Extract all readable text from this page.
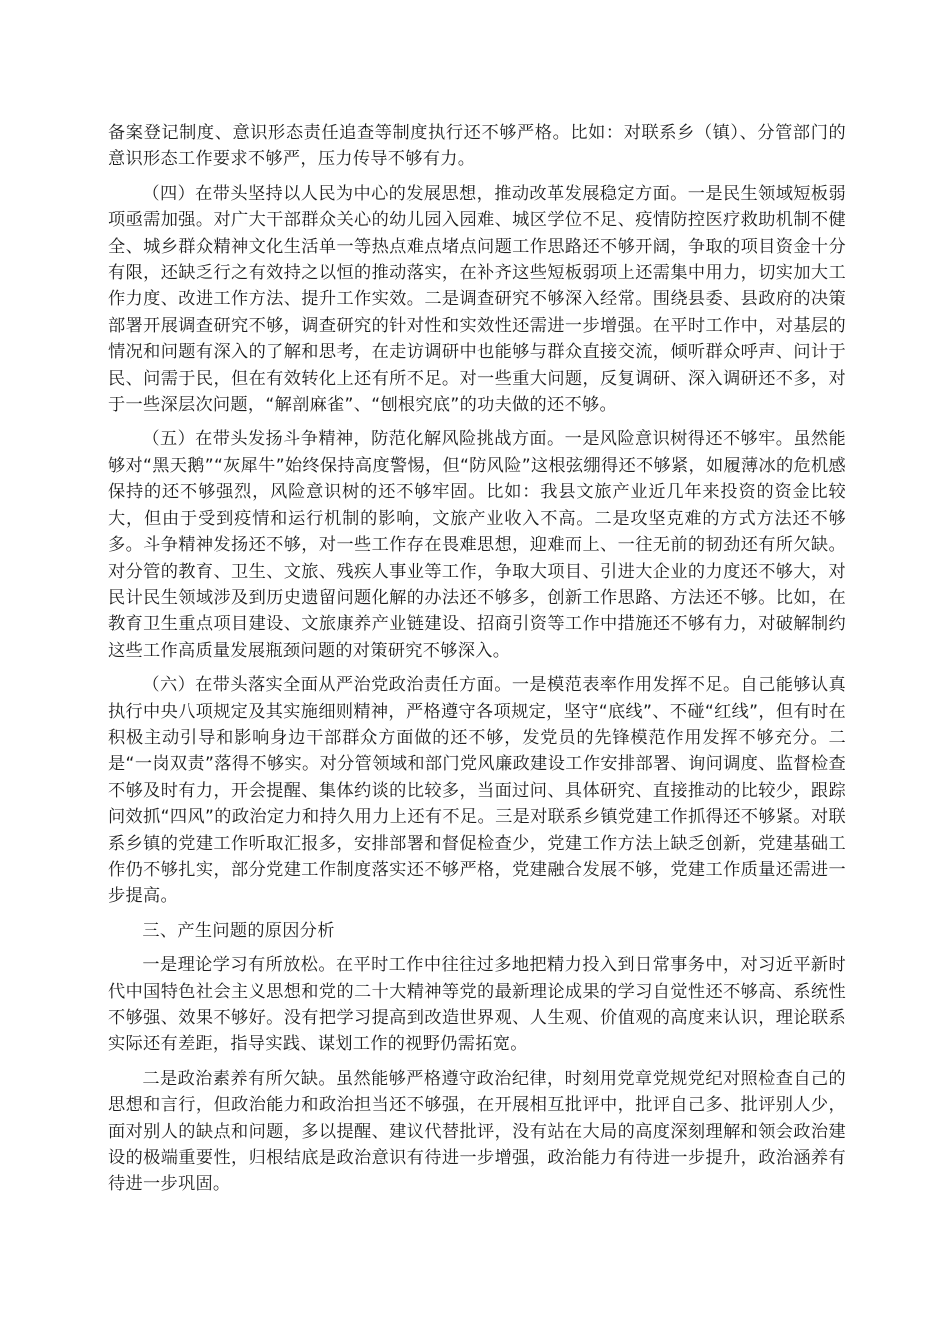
备案登记制度、意识形态责任追查等制度执行还不够严格。比如：对联系乡（镇）、分管部门的意识形态工作要求不够严，压力传导不够有力。

（四）在带头坚持以人民为中心的发展思想，推动改革发展稳定方面。一是民生领域短板弱项亟需加强。对广大干部群众关心的幼儿园入园难、城区学位不足、疫情防控医疗救助机制不健全、城乡群众精神文化生活单一等热点难点堵点问题工作思路还不够开阔，争取的项目资金十分有限，还缺乏行之有效持之以恒的推动落实，在补齐这些短板弱项上还需集中用力，切实加大工作力度、改进工作方法、提升工作实效。二是调查研究不够深入经常。围绕县委、县政府的决策部署开展调查研究不够，调查研究的针对性和实效性还需进一步增强。在平时工作中，对基层的情况和问题有深入的了解和思考，在走访调研中也能够与群众直接交流，倾听群众呼声、问计于民、问需于民，但在有效转化上还有所不足。对一些重大问题，反复调研、深入调研还不多，对于一些深层次问题，“解剖麻雀”、“刨根究底”的功夫做的还不够。

（五）在带头发扬斗争精神，防范化解风险挑战方面。一是风险意识树得还不够牢。虽然能够对“黑天鹅”“灰犀牛”始终保持高度警惕，但“防风险”这根弦绷得还不够紧，如履薄冰的危机感保持的还不够强烈，风险意识树的还不够牢固。比如：我县文旅产业近几年来投资的资金比较大，但由于受到疫情和运行机制的影响，文旅产业收入不高。二是攻坚克难的方式方法还不够多。斗争精神发扬还不够，对一些工作存在畏难思想，迎难而上、一往无前的韧劲还有所欠缺。对分管的教育、卫生、文旅、残疾人事业等工作，争取大项目、引进大企业的力度还不够大，对民计民生领域涉及到历史遗留问题化解的办法还不够多，创新工作思路、方法还不够。比如，在教育卫生重点项目建设、文旅康养产业链建设、招商引资等工作中措施还不够有力，对破解制约这些工作高质量发展瓶颈问题的对策研究不够深入。

（六）在带头落实全面从严治党政治责任方面。一是模范表率作用发挥不足。自己能够认真执行中央八项规定及其实施细则精神，严格遵守各项规定，坚守“底线”、不碰“红线”，但有时在积极主动引导和影响身边干部群众方面做的还不够，发党员的先锋模范作用发挥不够充分。二是“一岗双责”落得不够实。对分管领域和部门党风廉政建设工作安排部署、询问调度、监督检查不够及时有力，开会提醒、集体约谈的比较多，当面过问、具体研究、直接推动的比较少，跟踪问效抓“四风”的政治定力和持久用力上还有不足。三是对联系乡镇党建工作抓得还不够紧。对联系乡镇的党建工作听取汇报多，安排部署和督促检查少，党建工作方法上缺乏创新，党建基础工作仍不够扎实，部分党建工作制度落实还不够严格，党建融合发展不够，党建工作质量还需进一步提高。

三、产生问题的原因分析

一是理论学习有所放松。在平时工作中往往过多地把精力投入到日常事务中，对习近平新时代中国特色社会主义思想和党的二十大精神等党的最新理论成果的学习自觉性还不够高、系统性不够强、效果不够好。没有把学习提高到改造世界观、人生观、价值观的高度来认识，理论联系实际还有差距，指导实践、谋划工作的视野仍需拓宽。

二是政治素养有所欠缺。虽然能够严格遵守政治纪律，时刻用党章党规党纪对照检查自己的思想和言行，但政治能力和政治担当还不够强，在开展相互批评中，批评自己多、批评别人少，面对别人的缺点和问题，多以提醒、建议代替批评，没有站在大局的高度深刻理解和领会政治建设的极端重要性，归根结底是政治意识有待进一步增强，政治能力有待进一步提升，政治涵养有待进一步巩固。
